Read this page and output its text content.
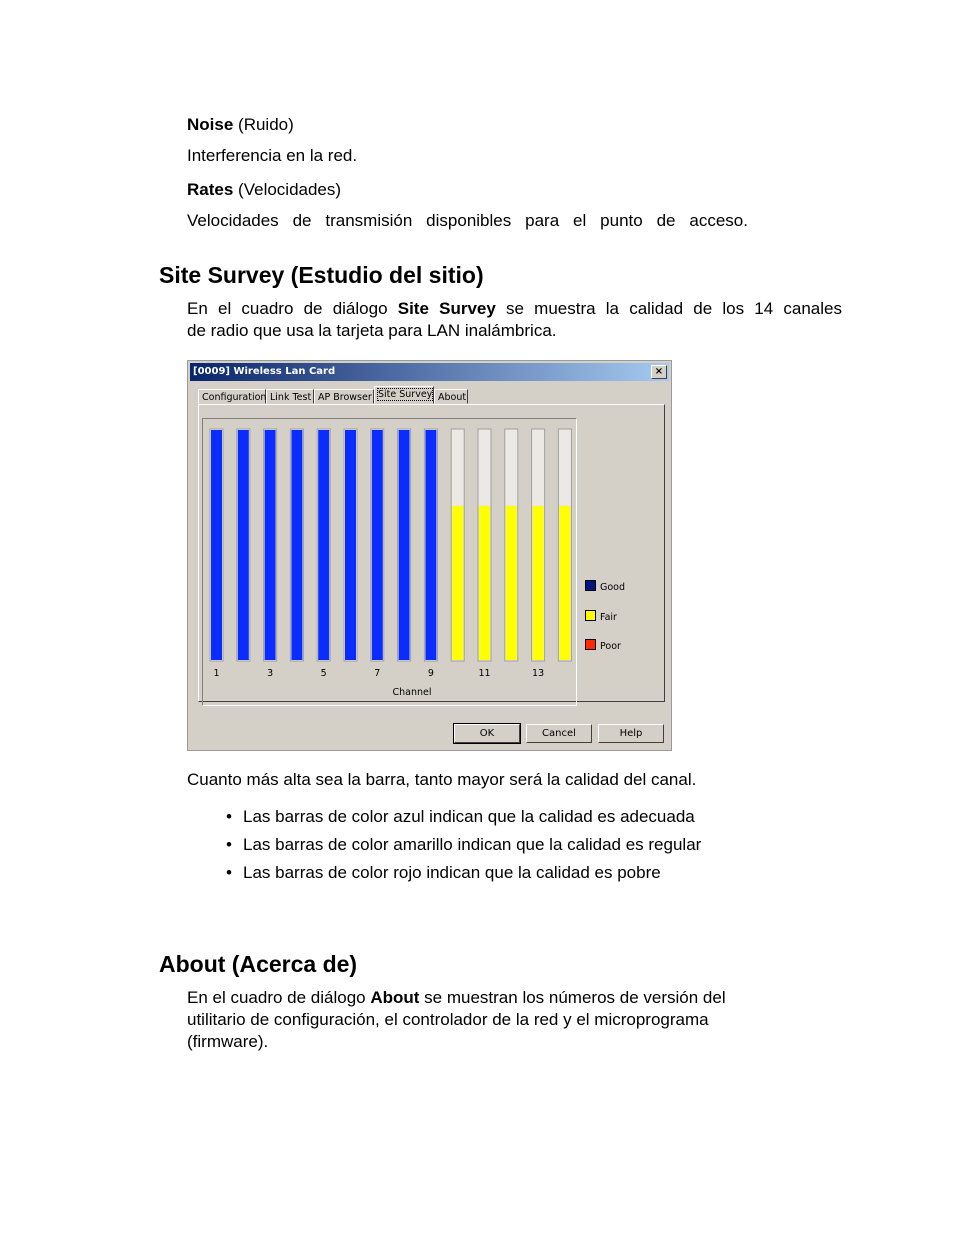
Noise (Ruido)

Interferencia en la red.

Rates (Velocidades)

Velocidades de transmisión disponibles para el punto de acceso.

Site Survey (Estudio del sitio)

En el cuadro de diálogo Site Survey se muestra la calidad de los 14 canales

de radio que usa la tarjeta para LAN inalámbrica.

[0009] Wireless Lan Card	×
Configuration Link Test AP Browser Site Survey About
1	3	5	7	9	11	13
Channel
Good
Fair
Poor
OK	Cancel	Help

Cuanto más alta sea la barra, tanto mayor será la calidad del canal.

• Las barras de color azul indican que la calidad es adecuada
• Las barras de color amarillo indican que la calidad es regular
• Las barras de color rojo indican que la calidad es pobre
About (Acerca de)

En el cuadro de diálogo About se muestran los números de versión del

utilitario de configuración, el controlador de la red y el microprograma

(firmware).
